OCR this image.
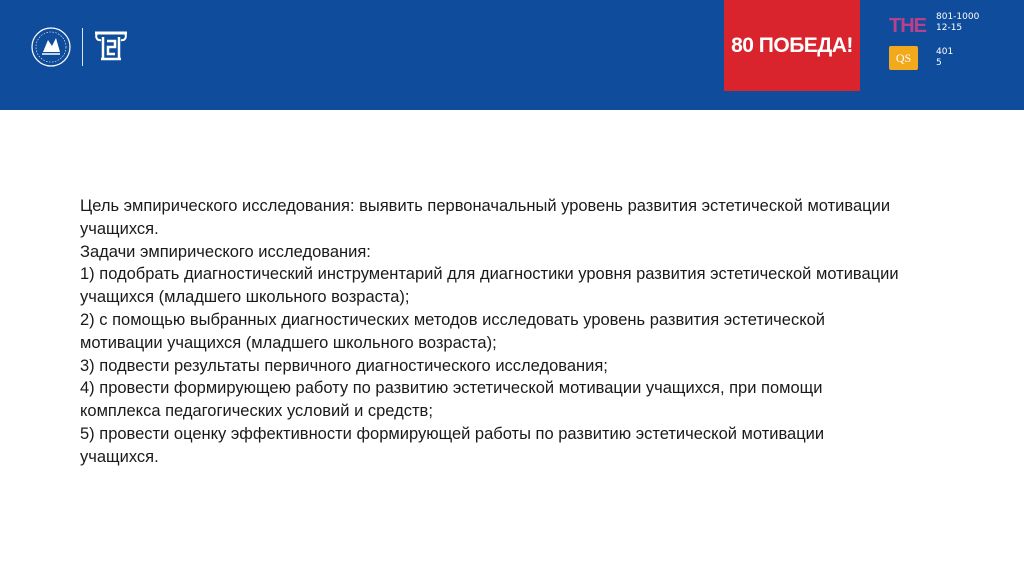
80 ПОБЕДА!
THE
QS
801-1000
12-15
401
5

Цель эмпирического исследования: выявить первоначальный уровень развития эстетической мотивации учащихся.

Задачи эмпирического исследования:

1) подобрать диагностический инструментарий для диагностики уровня развития эстетической мотивации учащихся (младшего школьного возраста);

2) с помощью выбранных диагностических методов исследовать уровень развития эстетической мотивации учащихся (младшего школьного возраста);

3) подвести результаты первичного диагностического исследования;

4) провести формирующею работу по развитию эстетической мотивации учащихся, при помощи комплекса педагогических условий и средств;

5) провести оценку эффективности формирующей работы по развитию эстетической мотивации учащихся.
